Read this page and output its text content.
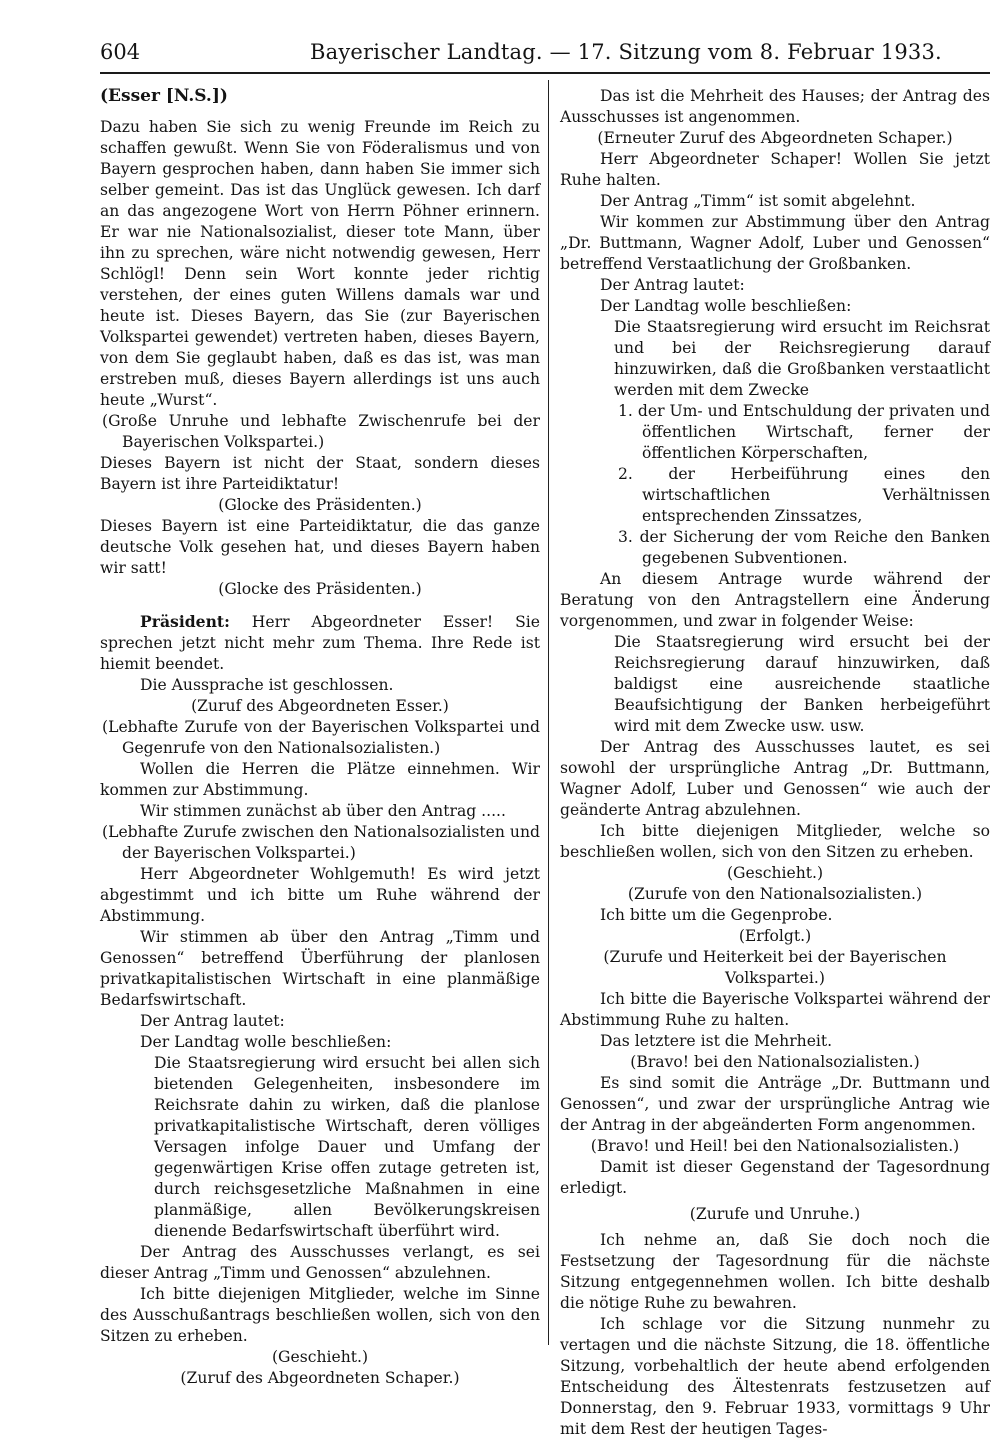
604	Bayerischer Landtag. — 17. Sitzung vom 8. Februar 1933.

(Esser [N.S.])

Dazu haben Sie sich zu wenig Freunde im Reich zu schaffen gewußt. Wenn Sie von Föderalismus und von Bayern gesprochen haben, dann haben Sie immer sich selber gemeint. Das ist das Unglück gewesen. Ich darf an das angezogene Wort von Herrn Pöhner erinnern. Er war nie Nationalsozialist, dieser tote Mann, über ihn zu sprechen, wäre nicht notwendig gewesen, Herr Schlögl! Denn sein Wort konnte jeder richtig verstehen, der eines guten Willens damals war und heute ist. Dieses Bayern, das Sie (zur Bayerischen Volkspartei gewendet) vertreten haben, dieses Bayern, von dem Sie geglaubt haben, daß es das ist, was man erstreben muß, dieses Bayern allerdings ist uns auch heute „Wurst“.

(Große Unruhe und lebhafte Zwischenrufe bei der Bayerischen Volkspartei.)

Dieses Bayern ist nicht der Staat, sondern dieses Bayern ist ihre Parteidiktatur!

(Glocke des Präsidenten.)

Dieses Bayern ist eine Parteidiktatur, die das ganze deutsche Volk gesehen hat, und dieses Bayern haben wir satt!

(Glocke des Präsidenten.)

Präsident: Herr Abgeordneter Esser! Sie sprechen jetzt nicht mehr zum Thema. Ihre Rede ist hiemit beendet.

Die Aussprache ist geschlossen.

(Zuruf des Abgeordneten Esser.)

(Lebhafte Zurufe von der Bayerischen Volkspartei und Gegenrufe von den Nationalsozialisten.)

Wollen die Herren die Plätze einnehmen. Wir kommen zur Abstimmung.

Wir stimmen zunächst ab über den Antrag .....

(Lebhafte Zurufe zwischen den Nationalsozialisten und der Bayerischen Volkspartei.)

Herr Abgeordneter Wohlgemuth! Es wird jetzt abgestimmt und ich bitte um Ruhe während der Abstimmung.

Wir stimmen ab über den Antrag „Timm und Genossen“ betreffend Überführung der planlosen privatkapitalistischen Wirtschaft in eine planmäßige Bedarfswirtschaft.

Der Antrag lautet:

Der Landtag wolle beschließen:

Die Staatsregierung wird ersucht bei allen sich bietenden Gelegenheiten, insbesondere im Reichsrate dahin zu wirken, daß die planlose privatkapitalistische Wirtschaft, deren völliges Versagen infolge Dauer und Umfang der gegenwärtigen Krise offen zutage getreten ist, durch reichsgesetzliche Maßnahmen in eine planmäßige, allen Bevölkerungskreisen dienende Bedarfswirtschaft überführt wird.

Der Antrag des Ausschusses verlangt, es sei dieser Antrag „Timm und Genossen“ abzulehnen.

Ich bitte diejenigen Mitglieder, welche im Sinne des Ausschußantrags beschließen wollen, sich von den Sitzen zu erheben.

(Geschieht.)

(Zuruf des Abgeordneten Schaper.)

Das ist die Mehrheit des Hauses; der Antrag des Ausschusses ist angenommen.

(Erneuter Zuruf des Abgeordneten Schaper.)

Herr Abgeordneter Schaper! Wollen Sie jetzt Ruhe halten.

Der Antrag „Timm“ ist somit abgelehnt.

Wir kommen zur Abstimmung über den Antrag „Dr. Buttmann, Wagner Adolf, Luber und Genossen“ betreffend Verstaatlichung der Großbanken.

Der Antrag lautet:

Der Landtag wolle beschließen:

Die Staatsregierung wird ersucht im Reichsrat und bei der Reichsregierung darauf hinzuwirken, daß die Großbanken verstaatlicht werden mit dem Zwecke

1. der Um- und Entschuldung der privaten und öffentlichen Wirtschaft, ferner der öffentlichen Körperschaften,

2. der Herbeiführung eines den wirtschaftlichen Verhältnissen entsprechenden Zinssatzes,

3. der Sicherung der vom Reiche den Banken gegebenen Subventionen.

An diesem Antrage wurde während der Beratung von den Antragstellern eine Änderung vorgenommen, und zwar in folgender Weise:

Die Staatsregierung wird ersucht bei der Reichsregierung darauf hinzuwirken, daß baldigst eine ausreichende staatliche Beaufsichtigung der Banken herbeigeführt wird mit dem Zwecke usw. usw.

Der Antrag des Ausschusses lautet, es sei sowohl der ursprüngliche Antrag „Dr. Buttmann, Wagner Adolf, Luber und Genossen“ wie auch der geänderte Antrag abzulehnen.

Ich bitte diejenigen Mitglieder, welche so beschließen wollen, sich von den Sitzen zu erheben.

(Geschieht.)

(Zurufe von den Nationalsozialisten.)

Ich bitte um die Gegenprobe.

(Erfolgt.)

(Zurufe und Heiterkeit bei der Bayerischen Volkspartei.)

Ich bitte die Bayerische Volkspartei während der Abstimmung Ruhe zu halten.

Das letztere ist die Mehrheit.

(Bravo! bei den Nationalsozialisten.)

Es sind somit die Anträge „Dr. Buttmann und Genossen“, und zwar der ursprüngliche Antrag wie der Antrag in der abgeänderten Form angenommen.

(Bravo! und Heil! bei den Nationalsozialisten.)

Damit ist dieser Gegenstand der Tagesordnung erledigt.

(Zurufe und Unruhe.)

Ich nehme an, daß Sie doch noch die Festsetzung der Tagesordnung für die nächste Sitzung entgegennehmen wollen. Ich bitte deshalb die nötige Ruhe zu bewahren.

Ich schlage vor die Sitzung nunmehr zu vertagen und die nächste Sitzung, die 18. öffentliche Sitzung, vorbehaltlich der heute abend erfolgenden Entscheidung des Ältestenrats festzusetzen auf Donnerstag, den 9. Februar 1933, vormittags 9 Uhr mit dem Rest der heutigen Tages-
